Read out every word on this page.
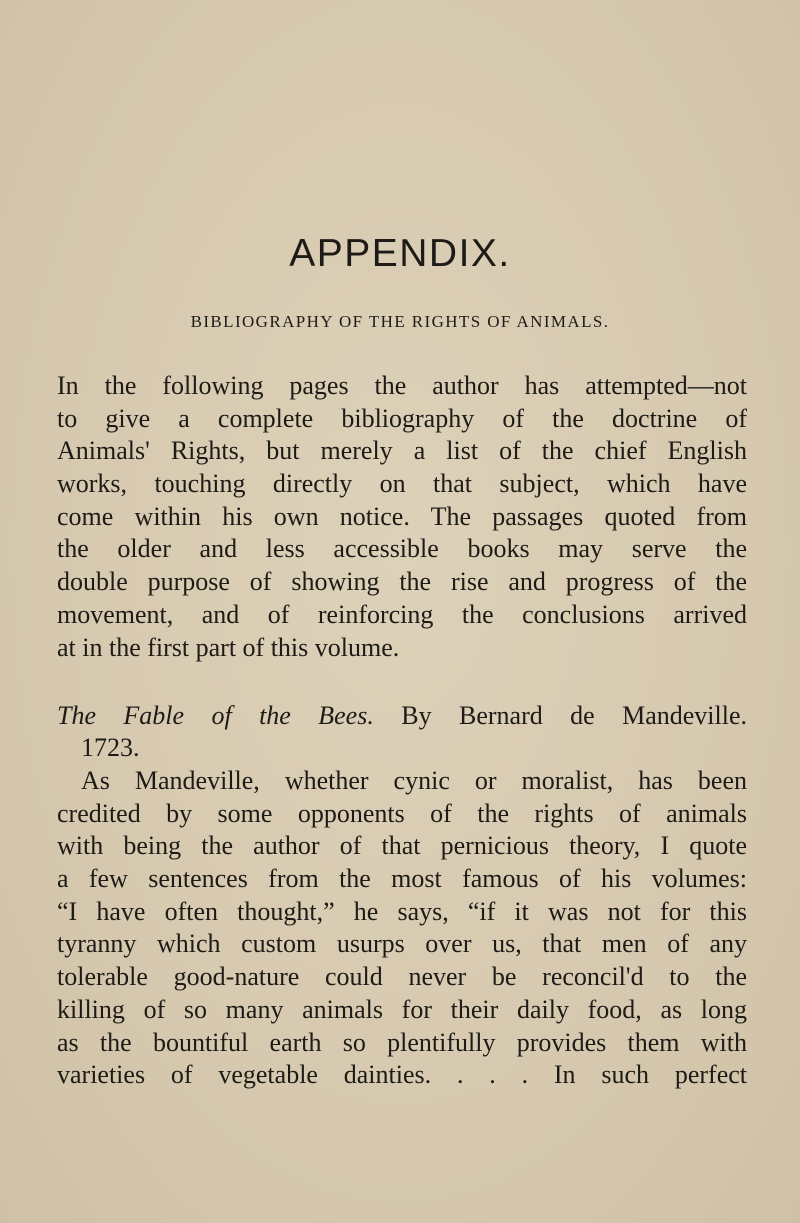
APPENDIX.
BIBLIOGRAPHY OF THE RIGHTS OF ANIMALS.
In the following pages the author has attempted—not
to give a complete bibliography of the doctrine of
Animals' Rights, but merely a list of the chief English
works, touching directly on that subject, which have
come within his own notice. The passages quoted from
the older and less accessible books may serve the
double purpose of showing the rise and progress of the
movement, and of reinforcing the conclusions arrived
at in the first part of this volume.
The Fable of the Bees. By Bernard de Mandeville.
1723.
As Mandeville, whether cynic or moralist, has been
credited by some opponents of the rights of animals
with being the author of that pernicious theory, I quote
a few sentences from the most famous of his volumes:
“I have often thought,” he says, “if it was not for this
tyranny which custom usurps over us, that men of any
tolerable good-nature could never be reconcil'd to the
killing of so many animals for their daily food, as long
as the bountiful earth so plentifully provides them with
varieties of vegetable dainties. . . . In such perfect
